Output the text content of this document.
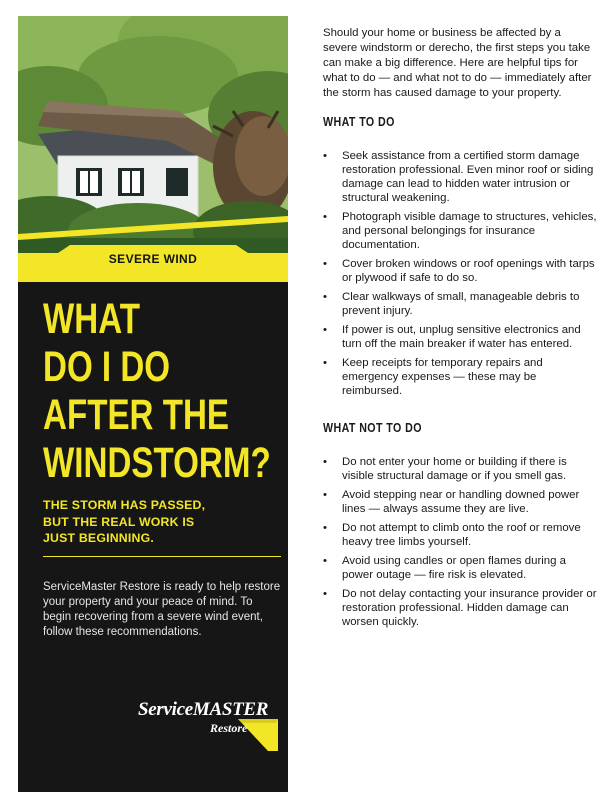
SEVERE WIND
WHAT
DO I DO
AFTER THE
WINDSTORM?
THE STORM HAS PASSED,
BUT THE REAL WORK IS
JUST BEGINNING.
ServiceMaster Restore is ready to help restore your property and your peace of mind. To begin recovering from a severe wind event, follow these recommendations.
ServiceMASTER
Restore

Should your home or business be affected by a severe windstorm or derecho, the first steps you take can make a big difference. Here are helpful tips for what to do — and what not to do — immediately after the storm has caused damage to your property.

WHAT TO DO
• Seek assistance from a certified storm damage restoration professional. Even minor roof or siding damage can lead to hidden water intrusion or structural weakening.
• Photograph visible damage to structures, vehicles, and personal belongings for insurance documentation.
• Cover broken windows or roof openings with tarps or plywood if safe to do so.
• Clear walkways of small, manageable debris to prevent injury.
• If power is out, unplug sensitive electronics and turn off the main breaker if water has entered.
• Keep receipts for temporary repairs and emergency expenses — these may be reimbursed.
WHAT NOT TO DO
• Do not enter your home or building if there is visible structural damage or if you smell gas.
• Avoid stepping near or handling downed power lines — always assume they are live.
• Do not attempt to climb onto the roof or remove heavy tree limbs yourself.
• Avoid using candles or open flames during a power outage — fire risk is elevated.
• Do not delay contacting your insurance provider or restoration professional. Hidden damage can worsen quickly.
